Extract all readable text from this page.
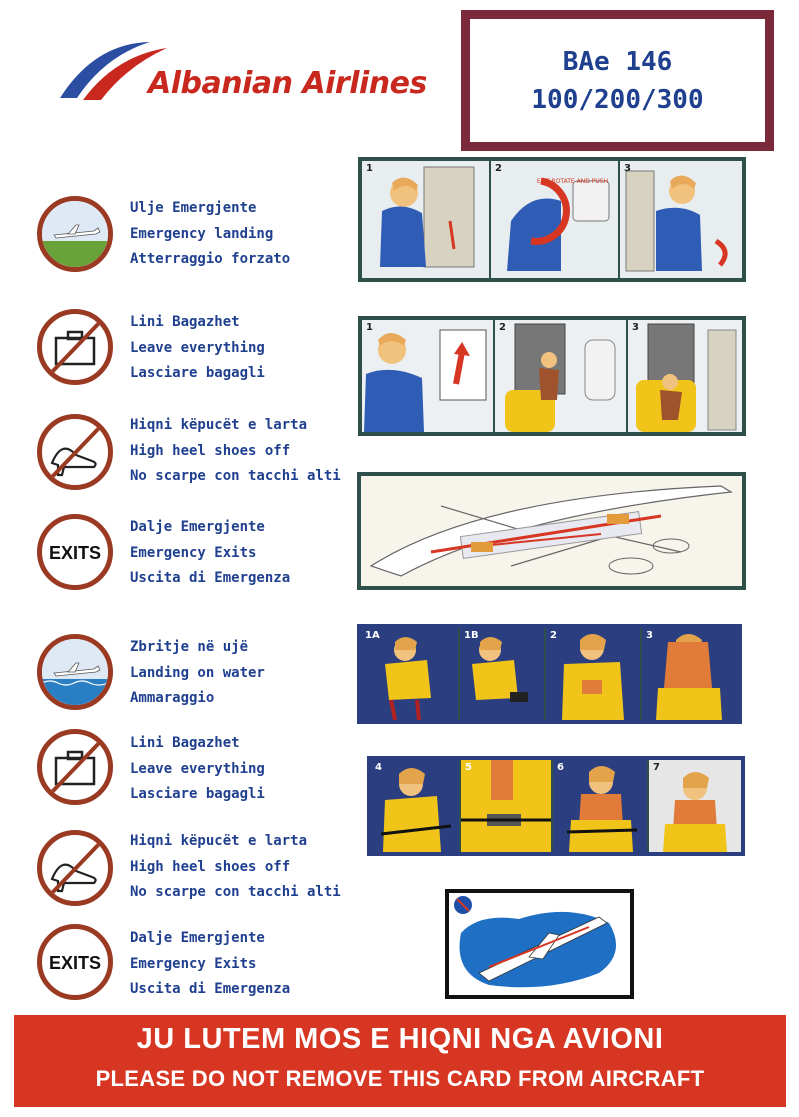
Albanian Airlines
BAe 146
100/200/300
Ulje Emergjente
Emergency landing
Atterraggio forzato
Lini Bagazhet
Leave everything
Lasciare bagagli
Hiqni këpucët e larta
High heel shoes off
No scarpe con tacchi alti
EXITS
Dalje Emergjente
Emergency Exits
Uscita di Emergenza
Zbritje në ujë
Landing on water
Ammaraggio
Lini Bagazhet
Leave everything
Lasciare bagagli
Hiqni këpucët e larta
High heel shoes off
No scarpe con tacchi alti
EXITS
Dalje Emergjente
Emergency Exits
Uscita di Emergenza
1	2
EMT ROTATE AND PUSH
3
1	2	3
1A	1B	2	3
4	5	6	7
JU LUTEM MOS E HIQNI NGA AVIONI
PLEASE DO NOT REMOVE THIS CARD FROM AIRCRAFT
